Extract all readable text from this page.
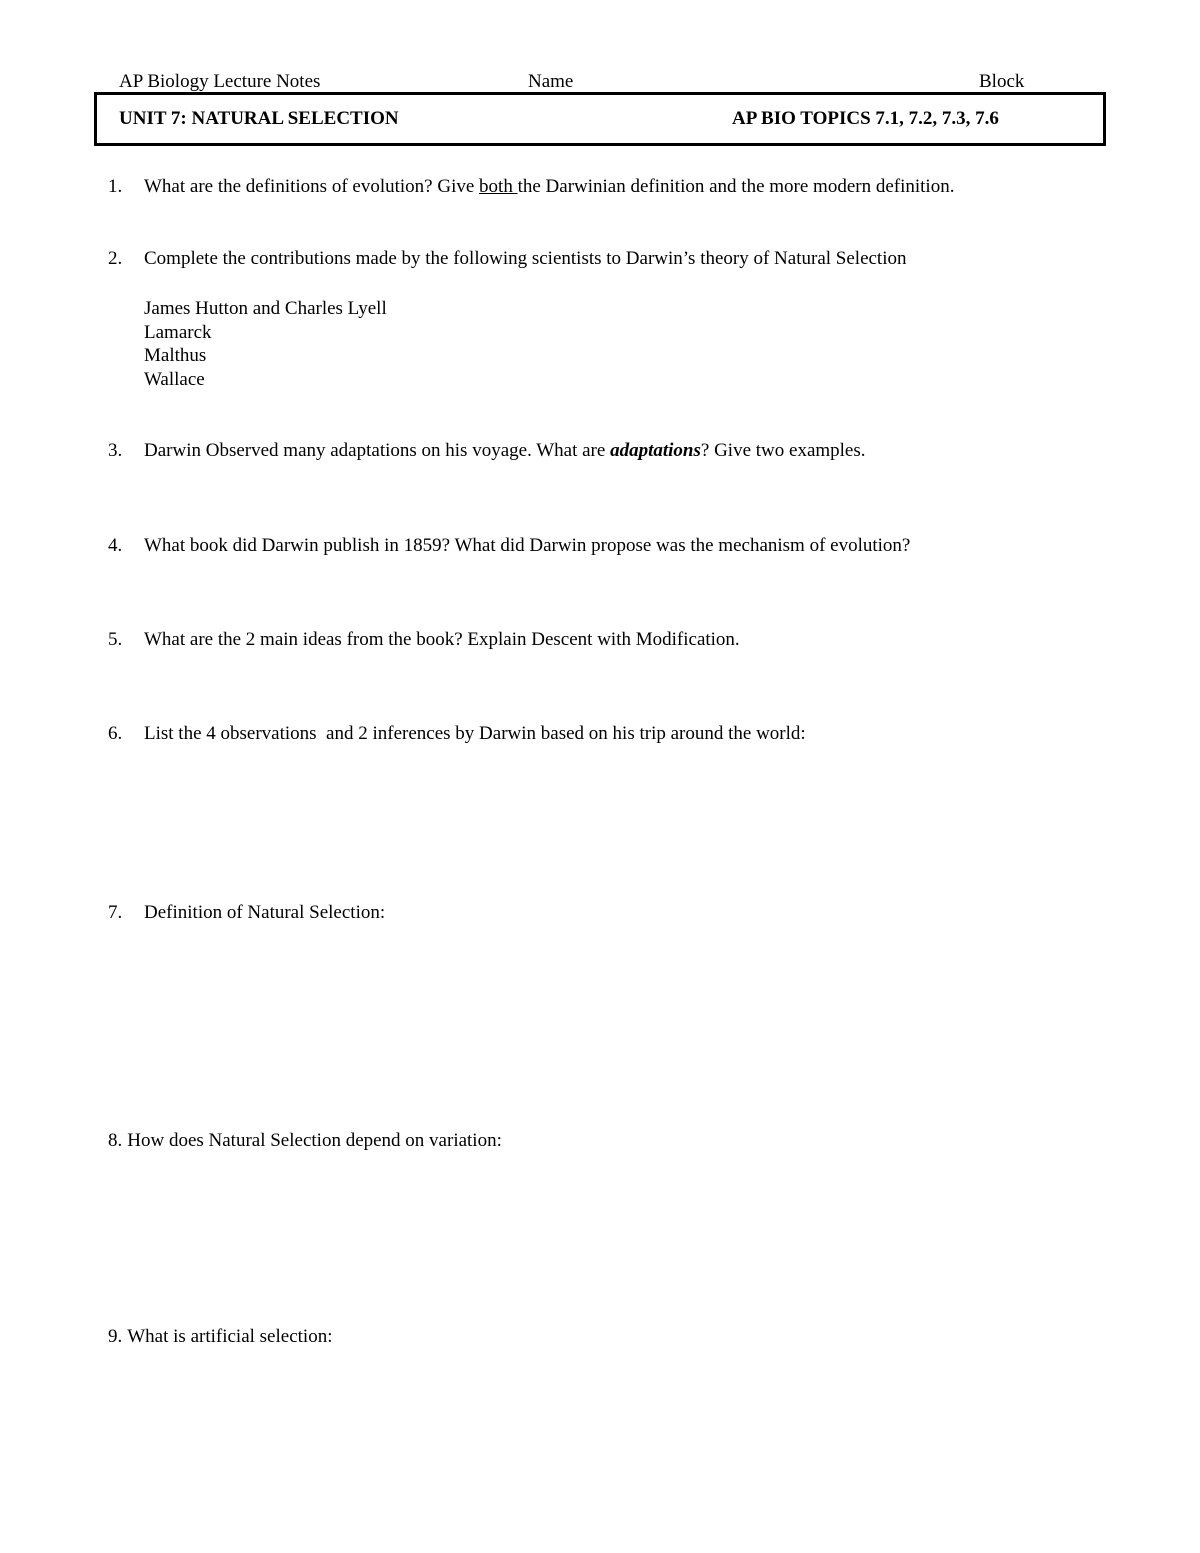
AP Biology Lecture Notes	Name	Block
UNIT 7: NATURAL SELECTION	AP BIO TOPICS 7.1, 7.2, 7.3, 7.6
1. What are the definitions of evolution? Give both the Darwinian definition and the more modern definition.
2. Complete the contributions made by the following scientists to Darwin’s theory of Natural Selection
James Hutton and Charles Lyell
Lamarck
Malthus
Wallace
3. Darwin Observed many adaptations on his voyage. What are adaptations? Give two examples.
4. What book did Darwin publish in 1859? What did Darwin propose was the mechanism of evolution?
5. What are the 2 main ideas from the book? Explain Descent with Modification.
6. List the 4 observations  and 2 inferences by Darwin based on his trip around the world:
7. Definition of Natural Selection:
8. How does Natural Selection depend on variation:
9. What is artificial selection:
